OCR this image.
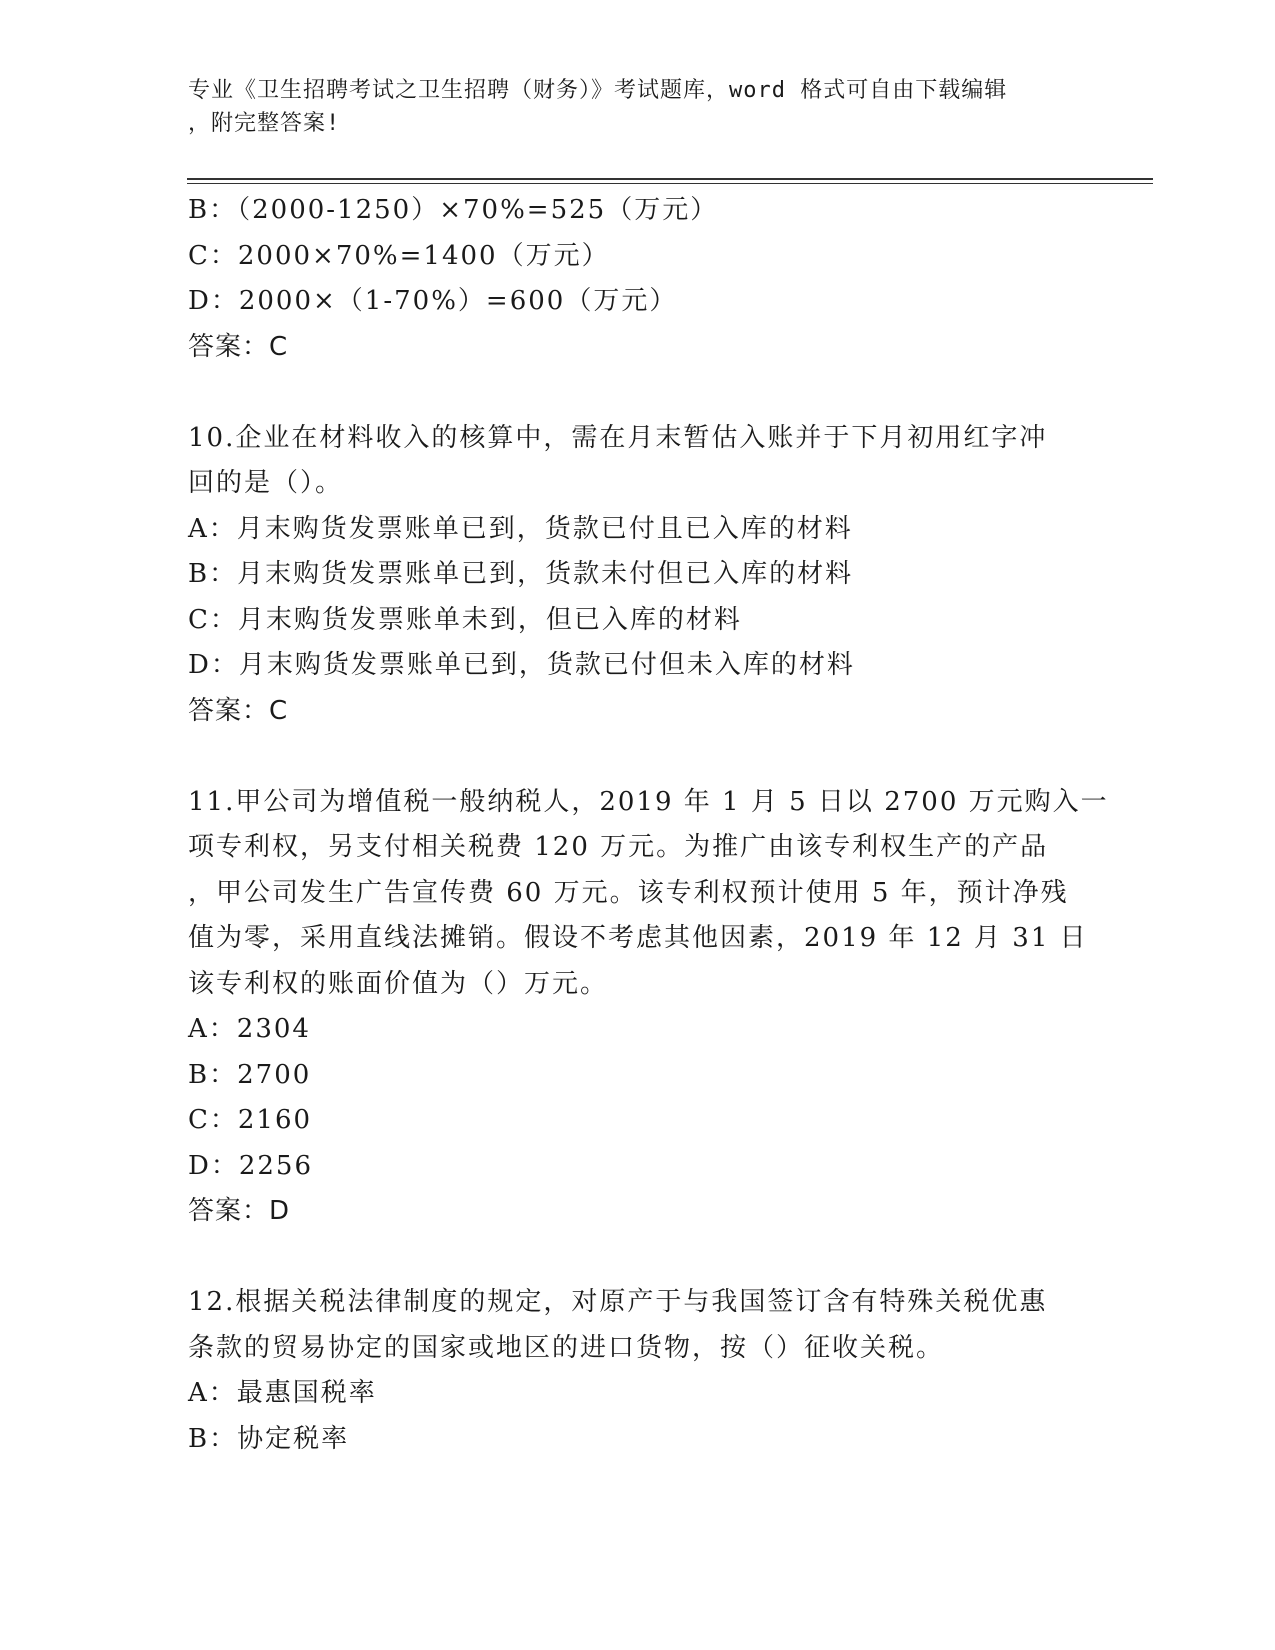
专业《卫生招聘考试之卫生招聘（财务）》考试题库，word 格式可自由下载编辑
，附完整答案!
B：（2000-1250）×70%=525（万元）
C：2000×70%=1400（万元）
D：2000×（1-70%）=600（万元）
答案：C
10.企业在材料收入的核算中，需在月末暂估入账并于下月初用红字冲
回的是（）。
A：月末购货发票账单已到，货款已付且已入库的材料
B：月末购货发票账单已到，货款未付但已入库的材料
C：月末购货发票账单未到，但已入库的材料
D：月末购货发票账单已到，货款已付但未入库的材料
答案：C
11.甲公司为增值税一般纳税人，2019 年 1 月 5 日以 2700 万元购入一
项专利权，另支付相关税费 120 万元。为推广由该专利权生产的产品
，甲公司发生广告宣传费 60 万元。该专利权预计使用 5 年，预计净残
值为零，采用直线法摊销。假设不考虑其他因素，2019 年 12 月 31 日
该专利权的账面价值为（）万元。
A：2304
B：2700
C：2160
D：2256
答案：D
12.根据关税法律制度的规定，对原产于与我国签订含有特殊关税优惠
条款的贸易协定的国家或地区的进口货物，按（）征收关税。
A：最惠国税率
B：协定税率
